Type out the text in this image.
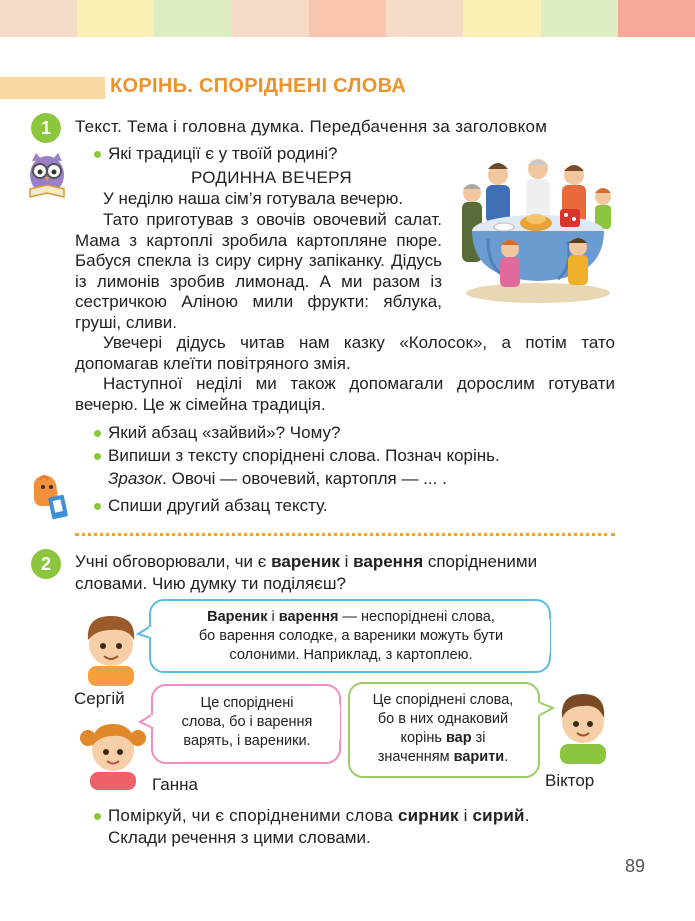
КОРІНЬ. СПОРІДНЕНІ СЛОВА
1	Текст. Тема і головна думка. Передбачення за заголовком
Які традиції є у твоїй родині?
РОДИННА ВЕЧЕРЯ
У неділю наша сім’я готувала вечерю.
Тато приготував з овочів овочевий салат. Мама з картоплі зробила картопляне пюре. Бабуся спекла із сиру сирну запіканку. Дідусь із лимонів зробив лимонад. А ми разом із сестричкою Аліною мили фрукти: яблука, груші, сливи.
Увечері дідусь читав нам казку «Колосок», а потім тато допомагав клеїти повітряного змія.
Наступної неділі ми також допомагали дорослим готувати вечерю. Це ж сімейна традиція.
Який абзац «зайвий»? Чому?
Випиши з тексту споріднені слова. Познач корінь.
Зразок. Овочі — овочевий, картопля — ... .
Спиши другий абзац тексту.
2	Учні обговорювали, чи є вареник і варення спорідненими
словами. Чию думку ти поділяєш?
Вареник і варення — неспоріднені слова,
бо варення солодке, а вареники можуть бути
солоними. Наприклад, з картоплею.
Сергій	Це споріднені
слова, бо і варення
варять, і вареники.
Ганна
Це споріднені слова,
бо в них однаковий
корінь вар зі
значенням варити.
Віктор
Поміркуй, чи є спорідненими слова сирник і сирий.
Склади речення з цими словами.
89
